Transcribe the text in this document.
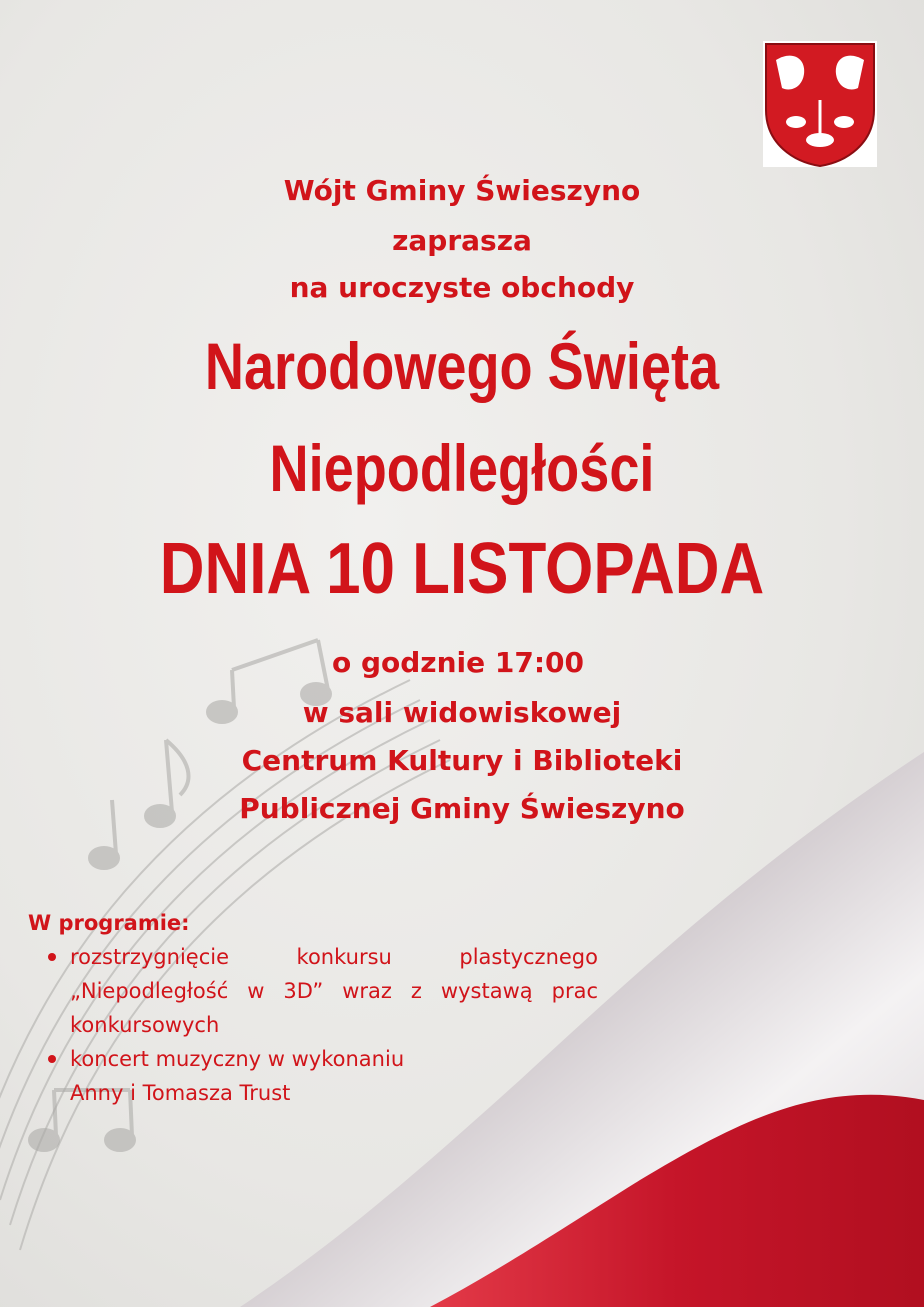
Wójt Gminy Świeszyno
zaprasza
na uroczyste obchody
Narodowego Święta
Niepodległości
DNIA 10 LISTOPADA
o godznie 17:00
w sali widowiskowej
Centrum Kultury i Biblioteki
Publicznej Gminy Świeszyno
W programie:
rozstrzygnięcie konkursu plastycznego
„Niepodległość w 3D” wraz z wystawą prac
konkursowych
koncert muzyczny w wykonaniu
Anny i Tomasza Trust
